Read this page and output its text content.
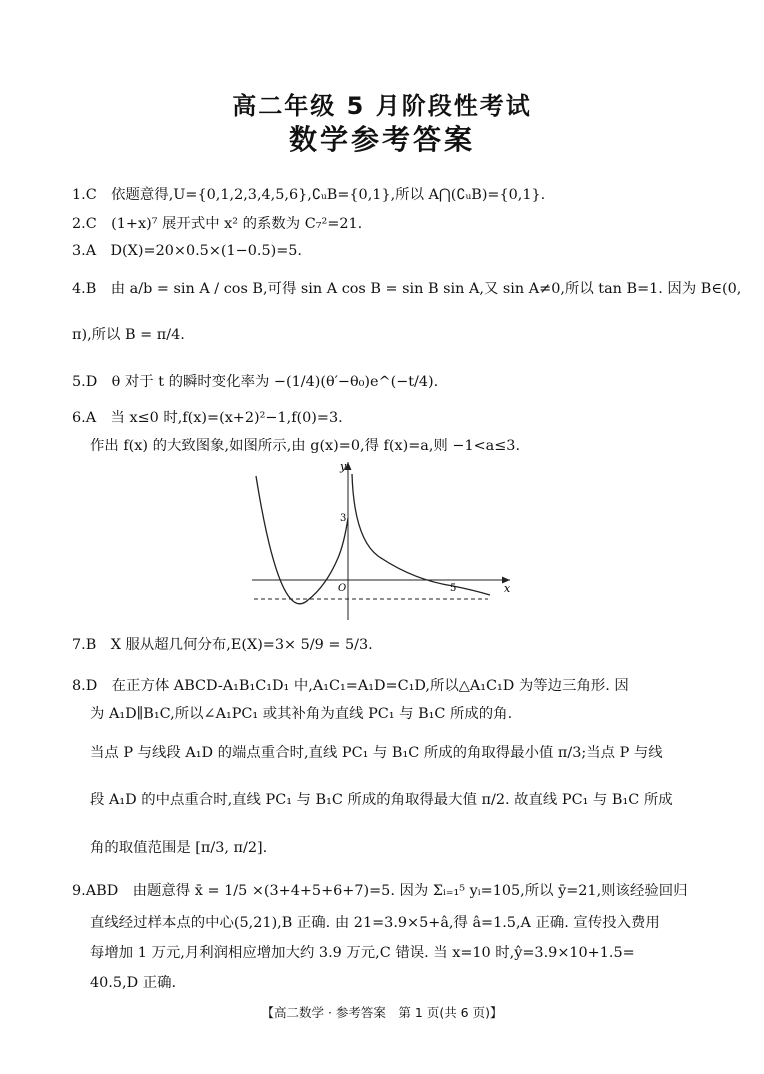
高二年级 5 月阶段性考试
数学参考答案
1.C　依题意得,U={0,1,2,3,4,5,6},∁ᵤB={0,1},所以 A⋂(∁ᵤB)={0,1}.
2.C　(1+x)⁷ 展开式中 x² 的系数为 C₇²=21.
3.A　D(X)=20×0.5×(1−0.5)=5.
4.B　由 a/b = sin A / cos B,可得 sin A cos B = sin B sin A,又 sin A≠0,所以 tan B=1. 因为 B∈(0,
π),所以 B = π/4.
5.D　θ 对于 t 的瞬时变化率为 −(1/4)(θ′−θ₀)e^(−t/4).
6.A　当 x≤0 时,f(x)=(x+2)²−1,f(0)=3.
作出 f(x) 的大致图象,如图所示,由 g(x)=0,得 f(x)=a,则 −1<a≤3.
y
x
O
3
5
7.B　X 服从超几何分布,E(X)=3× 5/9 = 5/3.
8.D　在正方体 ABCD-A₁B₁C₁D₁ 中,A₁C₁=A₁D=C₁D,所以△A₁C₁D 为等边三角形. 因
为 A₁D∥B₁C,所以∠A₁PC₁ 或其补角为直线 PC₁ 与 B₁C 所成的角.
当点 P 与线段 A₁D 的端点重合时,直线 PC₁ 与 B₁C 所成的角取得最小值 π/3;当点 P 与线
段 A₁D 的中点重合时,直线 PC₁ 与 B₁C 所成的角取得最大值 π/2. 故直线 PC₁ 与 B₁C 所成
角的取值范围是 [π/3, π/2].
9.ABD　由题意得 x̄ = 1/5 ×(3+4+5+6+7)=5. 因为 Σᵢ₌₁⁵ yᵢ=105,所以 ȳ=21,则该经验回归
直线经过样本点的中心(5,21),B 正确. 由 21=3.9×5+â,得 â=1.5,A 正确. 宣传投入费用
每增加 1 万元,月利润相应增加大约 3.9 万元,C 错误. 当 x=10 时,ŷ=3.9×10+1.5=
40.5,D 正确.
【高二数学 · 参考答案　第 1 页(共 6 页)】
